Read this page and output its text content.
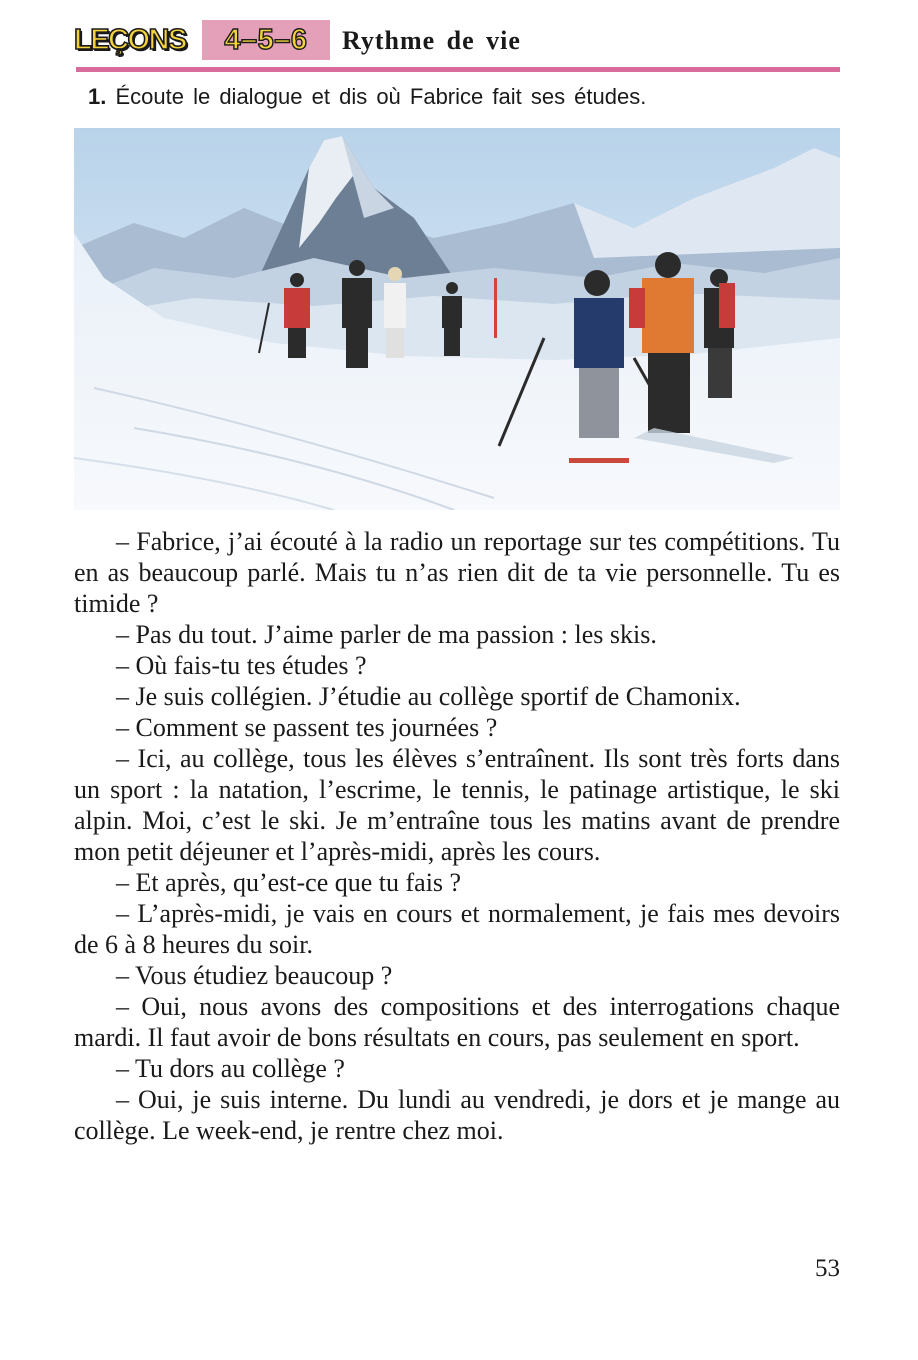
LEÇONS	4–5–6	Rythme de vie
1. Écoute le dialogue et dis où Fabrice fait ses études.

– Fabrice, j’ai écouté à la radio un reportage sur tes compétitions. Tu en as beaucoup parlé. Mais tu n’as rien dit de ta vie personnelle. Tu es timide ?

– Pas du tout. J’aime parler de ma passion : les skis.

– Où fais-tu tes études ?

– Je suis collégien. J’étudie au collège sportif de Chamonix.

– Comment se passent tes journées ?

– Ici, au collège, tous les élèves s’entraînent. Ils sont très forts dans un sport : la natation, l’escrime, le tennis, le patinage artistique, le ski alpin. Moi, c’est le ski. Je m’entraîne tous les matins avant de prendre mon petit déjeuner et l’après-midi, après les cours.

– Et après, qu’est-ce que tu fais ?

– L’après-midi, je vais en cours et normalement, je fais mes devoirs de 6 à 8 heures du soir.

– Vous étudiez beaucoup ?

– Oui, nous avons des compositions et des interrogations chaque mardi. Il faut avoir de bons résultats en cours, pas seulement en sport.

– Tu dors au collège ?

– Oui, je suis interne. Du lundi au vendredi, je dors et je mange au collège. Le week-end, je rentre chez moi.

53
